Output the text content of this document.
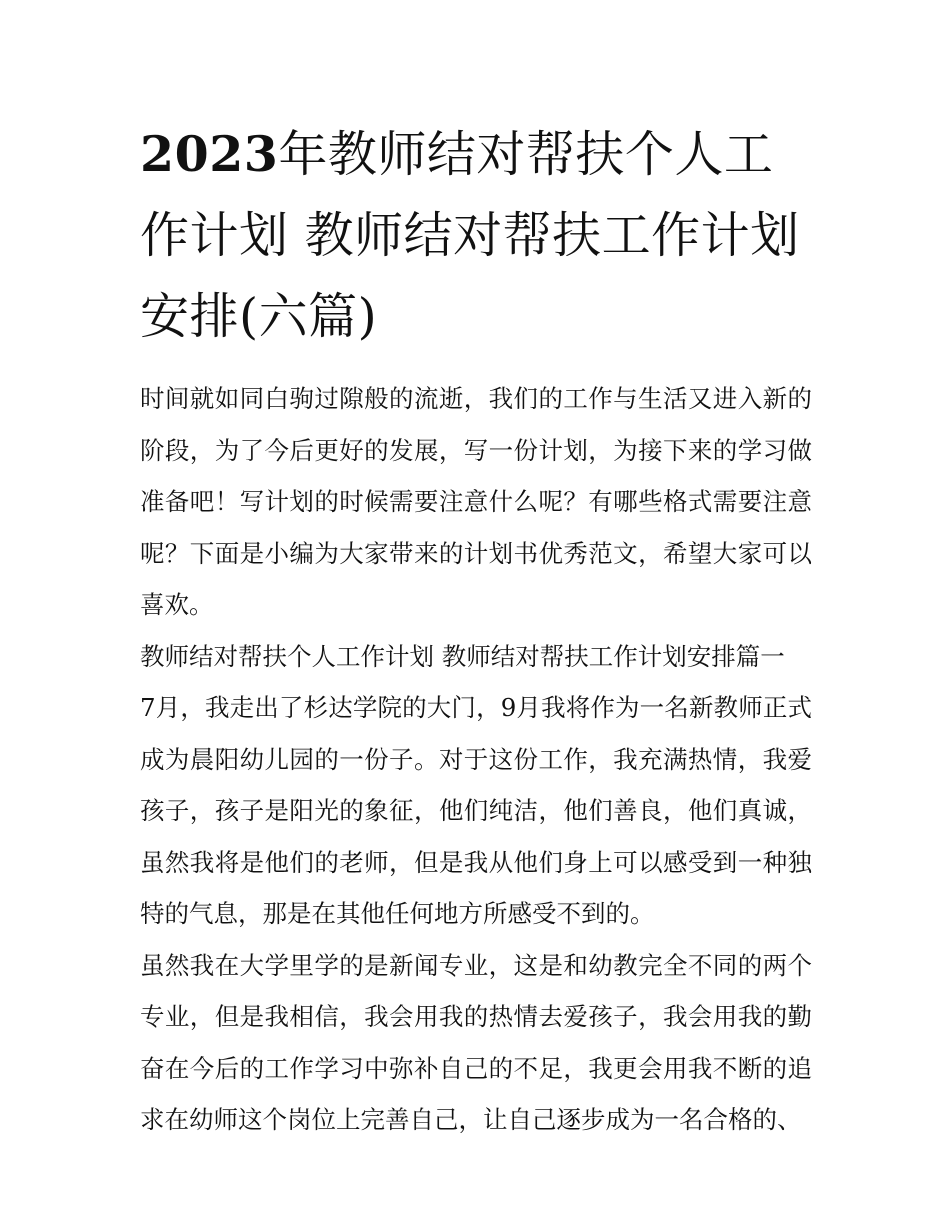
2023年教师结对帮扶个人工作计划 教师结对帮扶工作计划安排(六篇)

时间就如同白驹过隙般的流逝，我们的工作与生活又进入新的阶段，为了今后更好的发展，写一份计划，为接下来的学习做准备吧！写计划的时候需要注意什么呢？有哪些格式需要注意呢？下面是小编为大家带来的计划书优秀范文，希望大家可以喜欢。

教师结对帮扶个人工作计划 教师结对帮扶工作计划安排篇一

7月，我走出了杉达学院的大门，9月我将作为一名新教师正式成为晨阳幼儿园的一份子。对于这份工作，我充满热情，我爱孩子，孩子是阳光的象征，他们纯洁，他们善良，他们真诚，虽然我将是他们的老师，但是我从他们身上可以感受到一种独特的气息，那是在其他任何地方所感受不到的。

虽然我在大学里学的是新闻专业，这是和幼教完全不同的两个专业，但是我相信，我会用我的热情去爱孩子，我会用我的勤奋在今后的工作学习中弥补自己的不足，我更会用我不断的追求在幼师这个岗位上完善自己，让自己逐步成为一名合格的、
